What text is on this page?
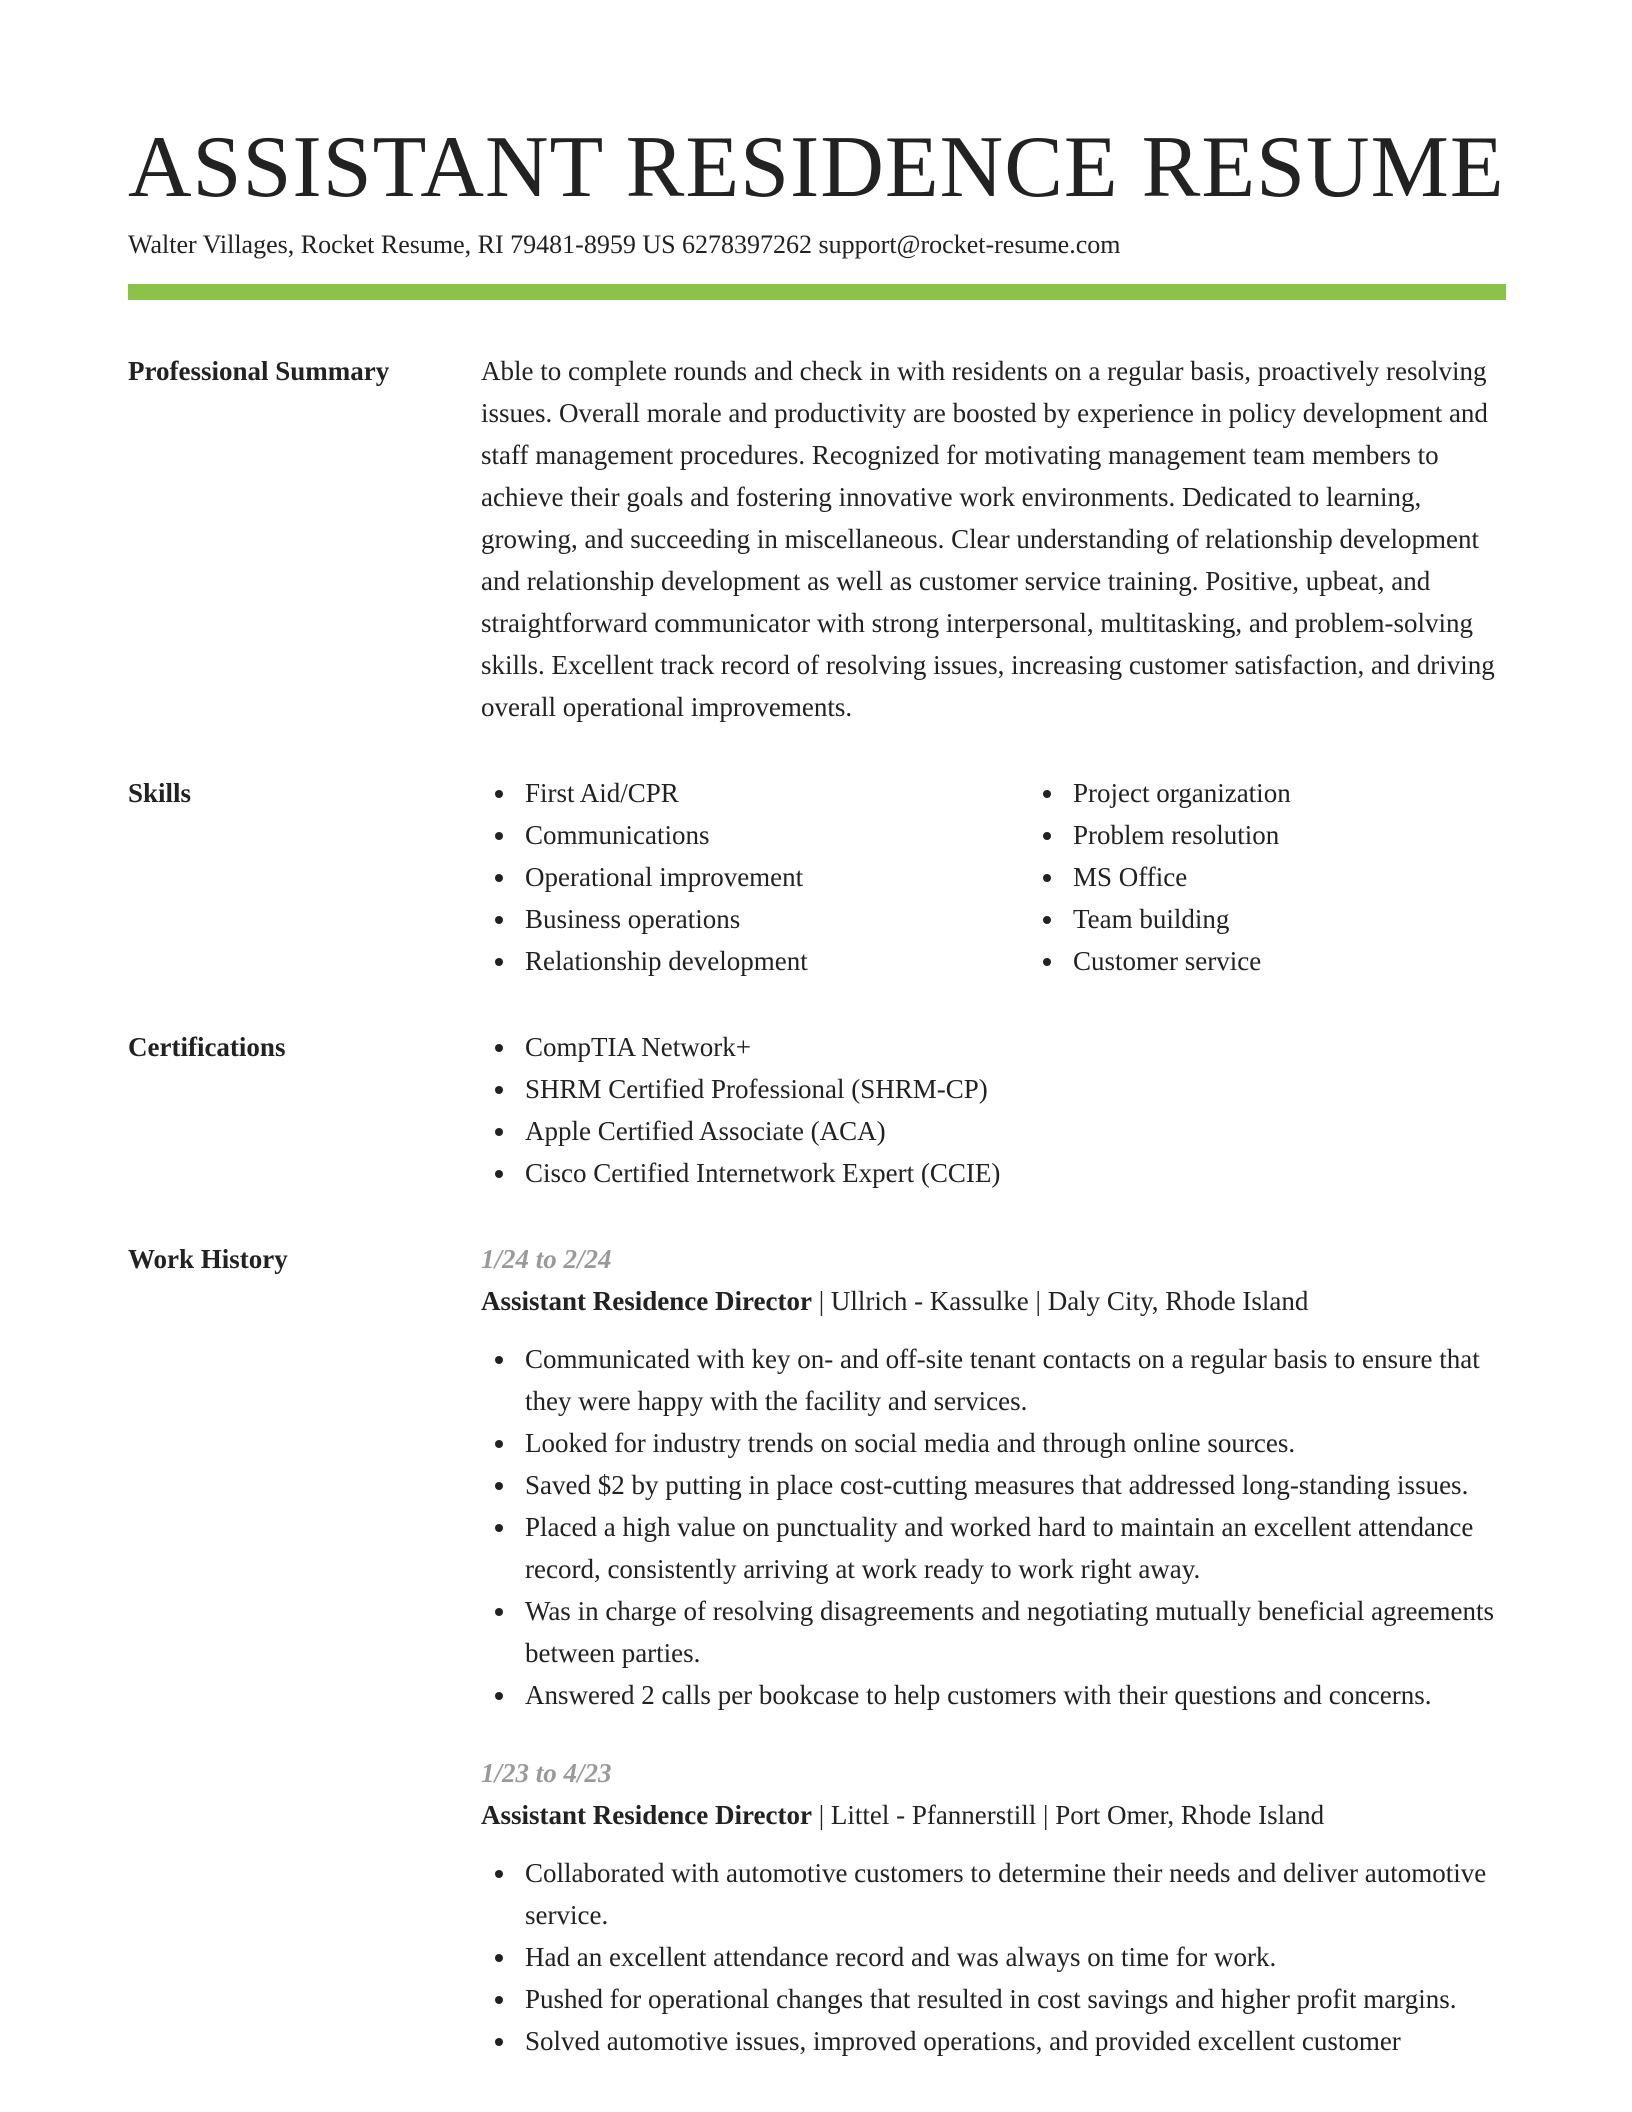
ASSISTANT RESIDENCE RESUME
Walter Villages, Rocket Resume, RI 79481-8959 US 6278397262 support@rocket-resume.com
Professional Summary	Able to complete rounds and check in with residents on a regular basis, proactively resolving issues. Overall morale and productivity are boosted by experience in policy development and staff management procedures. Recognized for motivating management team members to achieve their goals and fostering innovative work environments. Dedicated to learning, growing, and succeeding in miscellaneous. Clear understanding of relationship development and relationship development as well as customer service training. Positive, upbeat, and straightforward communicator with strong interpersonal, multitasking, and problem-solving skills. Excellent track record of resolving issues, increasing customer satisfaction, and driving overall operational improvements.

Skills	First Aid/CPR
Communications
Operational improvement
Business operations
Relationship development
Project organization
Problem resolution
MS Office
Team building
Customer service
Certifications	CompTIA Network+
SHRM Certified Professional (SHRM-CP)
Apple Certified Associate (ACA)
Cisco Certified Internetwork Expert (CCIE)
Work History	1/24 to 2/24
Assistant Residence Director | Ullrich - Kassulke | Daly City, Rhode Island
Communicated with key on- and off-site tenant contacts on a regular basis to ensure that they were happy with the facility and services.
Looked for industry trends on social media and through online sources.
Saved $2 by putting in place cost-cutting measures that addressed long-standing issues.
Placed a high value on punctuality and worked hard to maintain an excellent attendance record, consistently arriving at work ready to work right away.
Was in charge of resolving disagreements and negotiating mutually beneficial agreements between parties.
Answered 2 calls per bookcase to help customers with their questions and concerns.
1/23 to 4/23
Assistant Residence Director | Littel - Pfannerstill | Port Omer, Rhode Island
Collaborated with automotive customers to determine their needs and deliver automotive service.
Had an excellent attendance record and was always on time for work.
Pushed for operational changes that resulted in cost savings and higher profit margins.
Solved automotive issues, improved operations, and provided excellent customer
